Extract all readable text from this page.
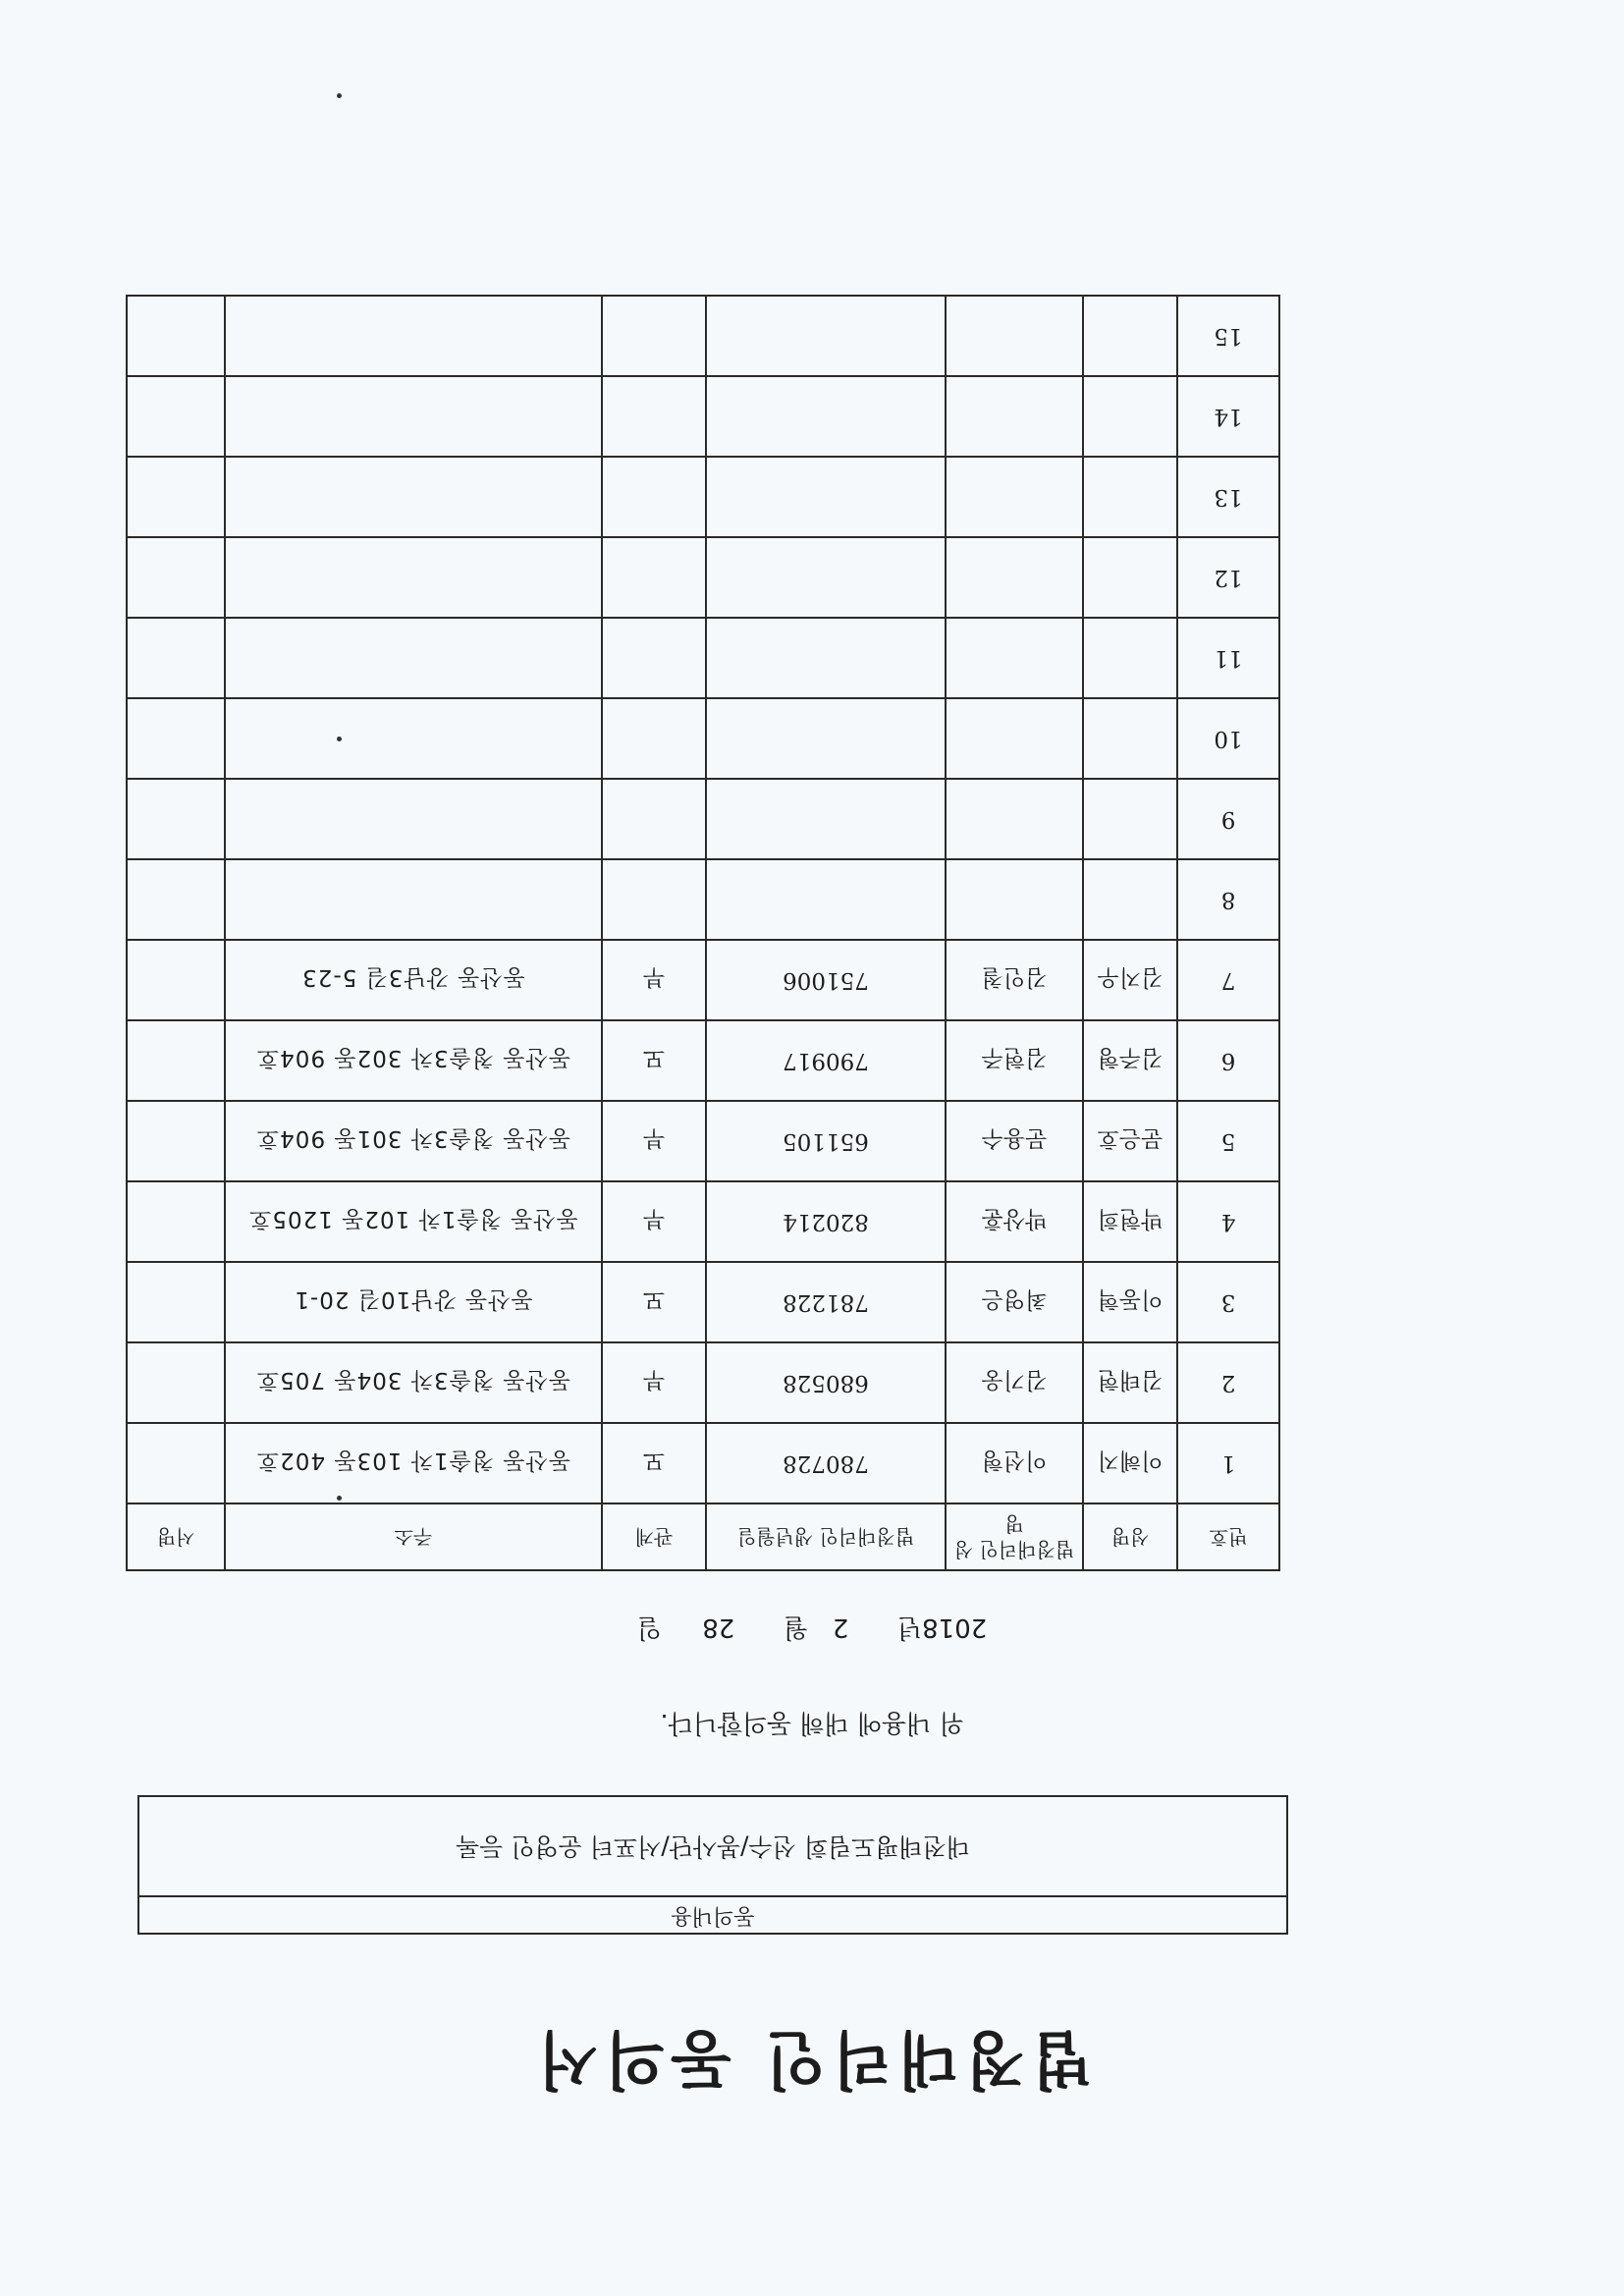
법정대리인 동의서
동의내용
대전태평도림회 선수/봉사단/서포터 운영인 등록
위 내용에 대해 동의합니다.
2018년      2   월      28     일
번호	성명	법정대리인 성명	법정대리인 생년월일	관계	주소	서명
1	이혜지	이선형	780728	모	동산동 청솔1차 103동 402호	
2	김태현	김기웅	680528	부	동산동 청솔3차 304동 705호	
3	이동혁	최영은	781228	모	동산동 강남10길 20-1	
4	박현희	박상훈	820214	부	동산동 청솔1차 102동 1205호	
5	문은호	문용수	651105	부	동산동 청솔3차 301동 904호	
6	김주형	김현주	790917	모	동산동 청솔3차 302동 904호	
7	김지우	김인철	751006	부	동산동 강남3길 5-23	
8						
9						
10						
11						
12						
13						
14						
15						
